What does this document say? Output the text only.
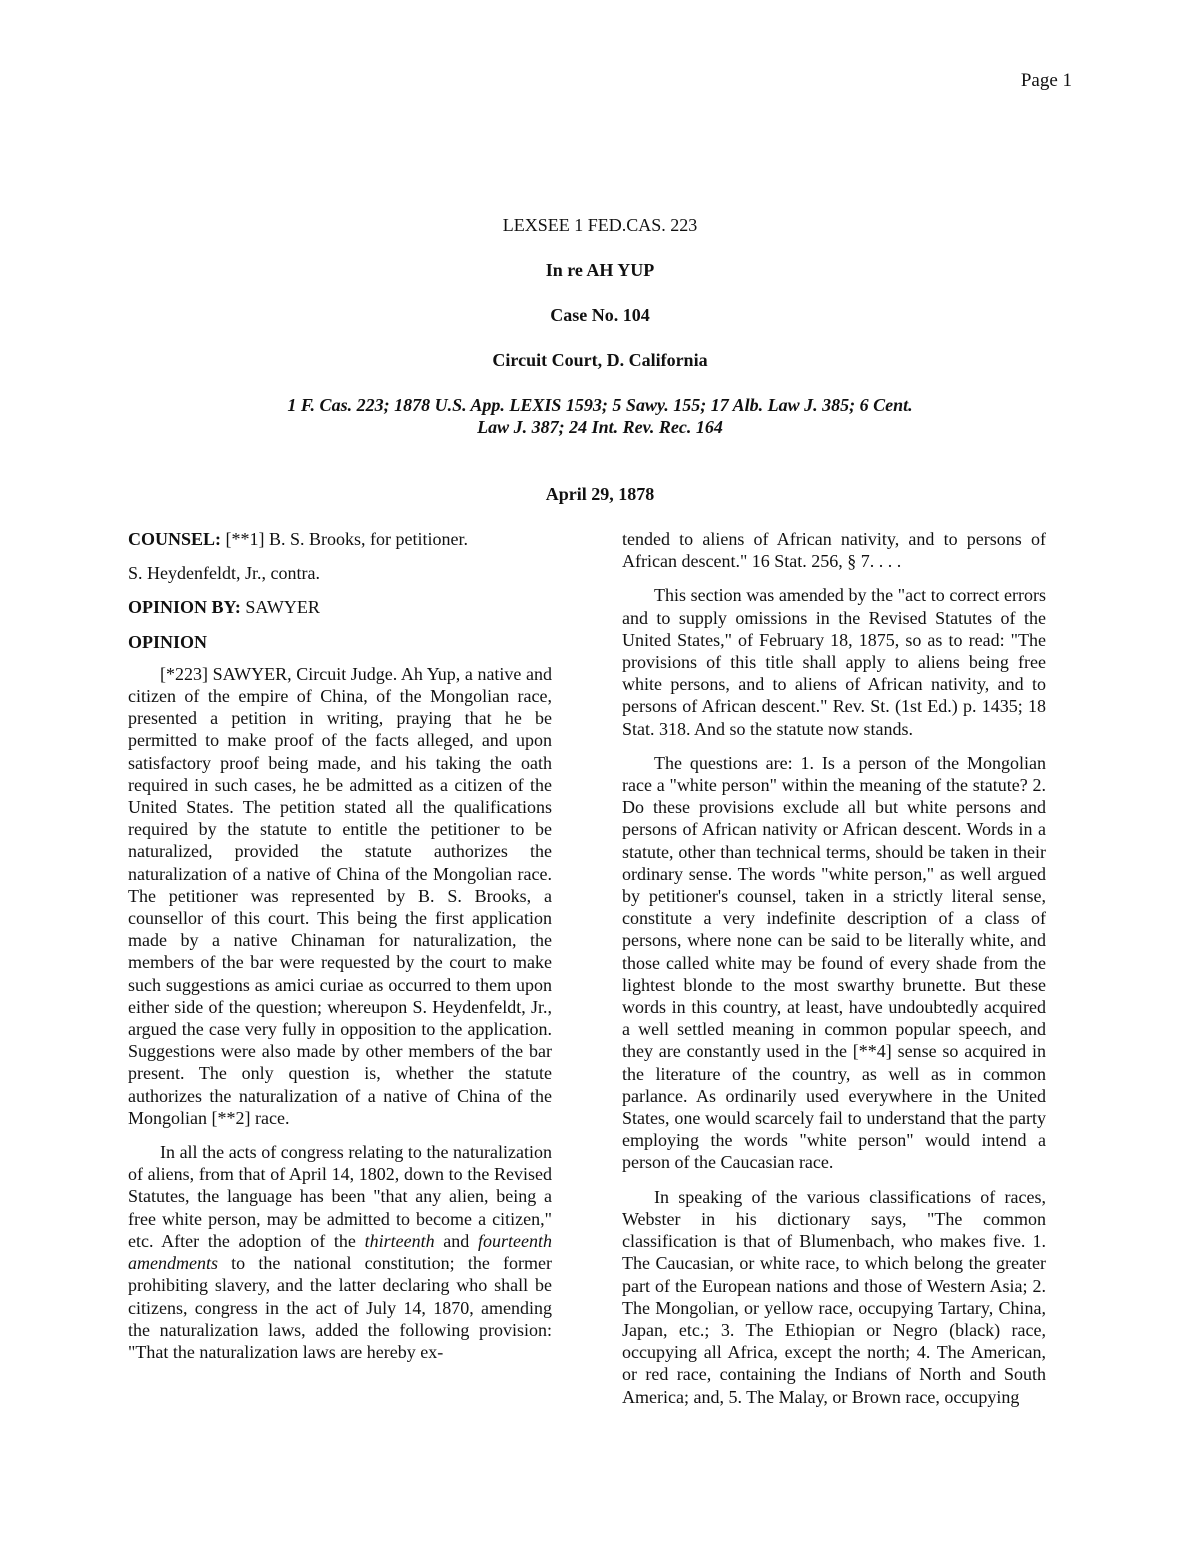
Page 1

LEXSEE 1 FED.CAS. 223

In re AH YUP

Case No. 104

Circuit Court, D. California

1 F. Cas. 223; 1878 U.S. App. LEXIS 1593; 5 Sawy. 155; 17 Alb. Law J. 385; 6 Cent.
Law J. 387; 24 Int. Rev. Rec. 164

April 29, 1878

COUNSEL: [**1] B. S. Brooks, for petitioner.

S. Heydenfeldt, Jr., contra.

OPINION BY: SAWYER

OPINION

[*223] SAWYER, Circuit Judge. Ah Yup, a native and citizen of the empire of China, of the Mongolian race, presented a petition in writing, praying that he be permitted to make proof of the facts alleged, and upon satisfactory proof being made, and his taking the oath required in such cases, he be admitted as a citizen of the United States. The petition stated all the qualifications required by the statute to entitle the petitioner to be naturalized, provided the statute authorizes the naturalization of a native of China of the Mongolian race. The petitioner was represented by B. S. Brooks, a counsellor of this court. This being the first application made by a native Chinaman for naturalization, the members of the bar were requested by the court to make such suggestions as amici curiae as occurred to them upon either side of the question; whereupon S. Heydenfeldt, Jr., argued the case very fully in opposition to the application. Suggestions were also made by other members of the bar present. The only question is, whether the statute authorizes the naturalization of a native of China of the Mongolian [**2] race.

In all the acts of congress relating to the naturalization of aliens, from that of April 14, 1802, down to the Revised Statutes, the language has been "that any alien, being a free white person, may be admitted to become a citizen," etc. After the adoption of the thirteenth and fourteenth amendments to the national constitution; the former prohibiting slavery, and the latter declaring who shall be citizens, congress in the act of July 14, 1870, amending the naturalization laws, added the following provision: "That the naturalization laws are hereby ex-

tended to aliens of African nativity, and to persons of African descent." 16 Stat. 256, § 7. . . .

This section was amended by the "act to correct errors and to supply omissions in the Revised Statutes of the United States," of February 18, 1875, so as to read: "The provisions of this title shall apply to aliens being free white persons, and to aliens of African nativity, and to persons of African descent." Rev. St. (1st Ed.) p. 1435; 18 Stat. 318. And so the statute now stands.

The questions are: 1. Is a person of the Mongolian race a "white person" within the meaning of the statute? 2. Do these provisions exclude all but white persons and persons of African nativity or African descent. Words in a statute, other than technical terms, should be taken in their ordinary sense. The words "white person," as well argued by petitioner's counsel, taken in a strictly literal sense, constitute a very indefinite description of a class of persons, where none can be said to be literally white, and those called white may be found of every shade from the lightest blonde to the most swarthy brunette. But these words in this country, at least, have undoubtedly acquired a well settled meaning in common popular speech, and they are constantly used in the [**4] sense so acquired in the literature of the country, as well as in common parlance. As ordinarily used everywhere in the United States, one would scarcely fail to understand that the party employing the words "white person" would intend a person of the Caucasian race.

In speaking of the various classifications of races, Webster in his dictionary says, "The common classification is that of Blumenbach, who makes five. 1. The Caucasian, or white race, to which belong the greater part of the European nations and those of Western Asia; 2. The Mongolian, or yellow race, occupying Tartary, China, Japan, etc.; 3. The Ethiopian or Negro (black) race, occupying all Africa, except the north; 4. The American, or red race, containing the Indians of North and South America; and, 5. The Malay, or Brown race, occupying
